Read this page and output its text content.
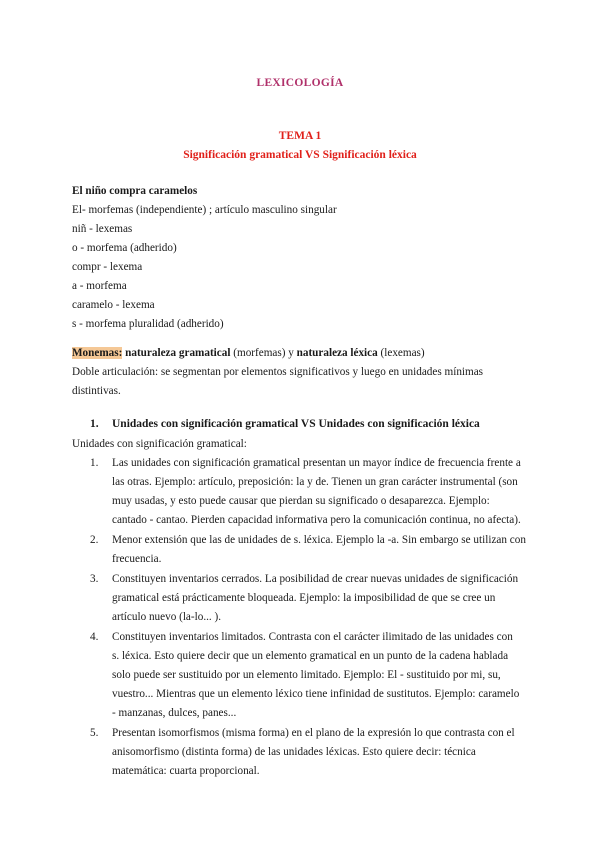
LEXICOLOGÍA
TEMA 1
Significación gramatical VS Significación léxica
El niño compra caramelos
El- morfemas (independiente) ; artículo masculino singular
niñ - lexemas
o - morfema (adherido)
compr - lexema
a - morfema
caramelo - lexema
s - morfema pluralidad (adherido)
Monemas: naturaleza gramatical (morfemas) y naturaleza léxica (lexemas)
Doble articulación: se segmentan por elementos significativos y luego en unidades mínimas
distintivas.
1. Unidades con significación gramatical VS Unidades con significación léxica
Unidades con significación gramatical:
1. Las unidades con significación gramatical presentan un mayor índice de frecuencia frente a
las otras. Ejemplo: artículo, preposición: la y de. Tienen un gran carácter instrumental (son
muy usadas, y esto puede causar que pierdan su significado o desaparezca. Ejemplo:
cantado - cantao. Pierden capacidad informativa pero la comunicación continua, no afecta).
2. Menor extensión que las de unidades de s. léxica. Ejemplo la -a. Sin embargo se utilizan con
frecuencia.
3. Constituyen inventarios cerrados. La posibilidad de crear nuevas unidades de significación
gramatical está prácticamente bloqueada. Ejemplo: la imposibilidad de que se cree un
artículo nuevo (la-lo... ).
4. Constituyen inventarios limitados. Contrasta con el carácter ilimitado de las unidades con
s. léxica. Esto quiere decir que un elemento gramatical en un punto de la cadena hablada
solo puede ser sustituido por un elemento limitado. Ejemplo: El - sustituido por mi, su,
vuestro... Mientras que un elemento léxico tiene infinidad de sustitutos. Ejemplo: caramelo
- manzanas, dulces, panes...
5. Presentan isomorfismos (misma forma) en el plano de la expresión lo que contrasta con el
anisomorfismo (distinta forma) de las unidades léxicas. Esto quiere decir: técnica
matemática: cuarta proporcional.
